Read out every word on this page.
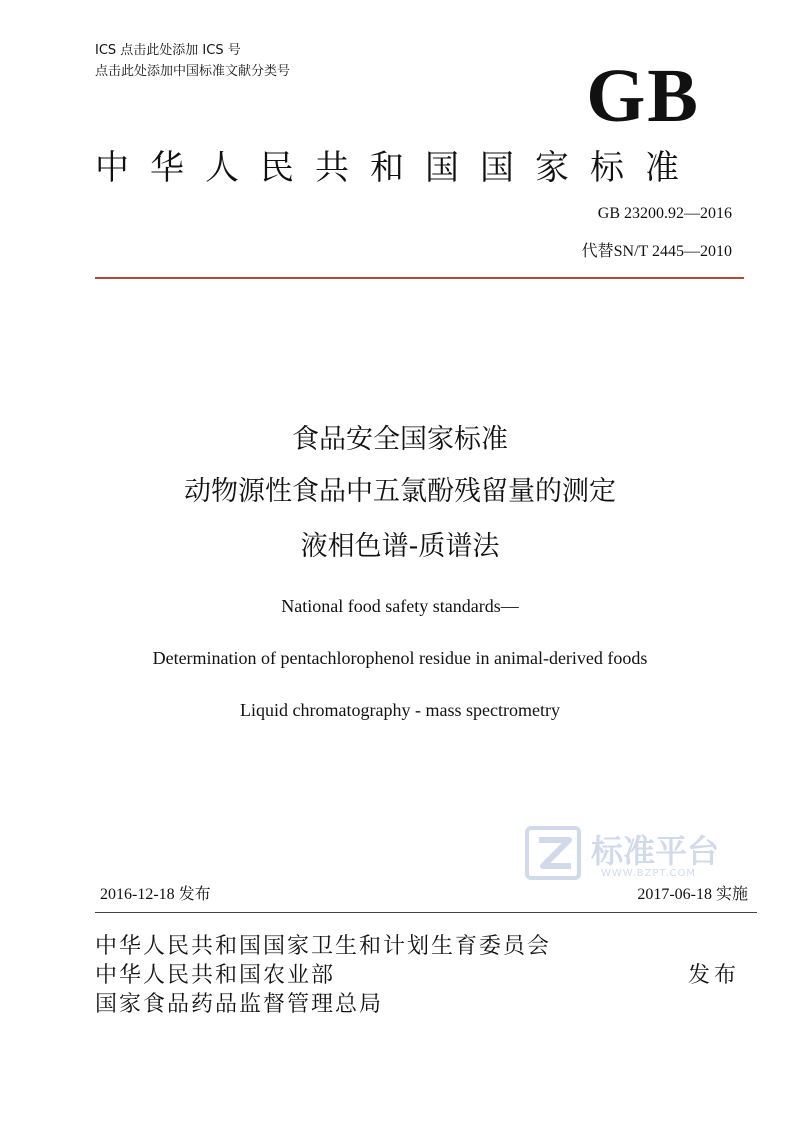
ICS 点击此处添加 ICS 号
点击此处添加中国标准文献分类号	GB
中华人民共和国国家标准
GB 23200.92—2016
代替SN/T 2445—2010
食品安全国家标准
动物源性食品中五氯酚残留量的测定
液相色谱-质谱法
National food safety standards—
Determination of pentachlorophenol residue in animal-derived foods
Liquid chromatography - mass spectrometry
标准平台
WWW.BZPT.COM
2016-12-18 发布	2017-06-18 实施
中华人民共和国国家卫生和计划生育委员会
中华人民共和国农业部
国家食品药品监督管理总局
发布
